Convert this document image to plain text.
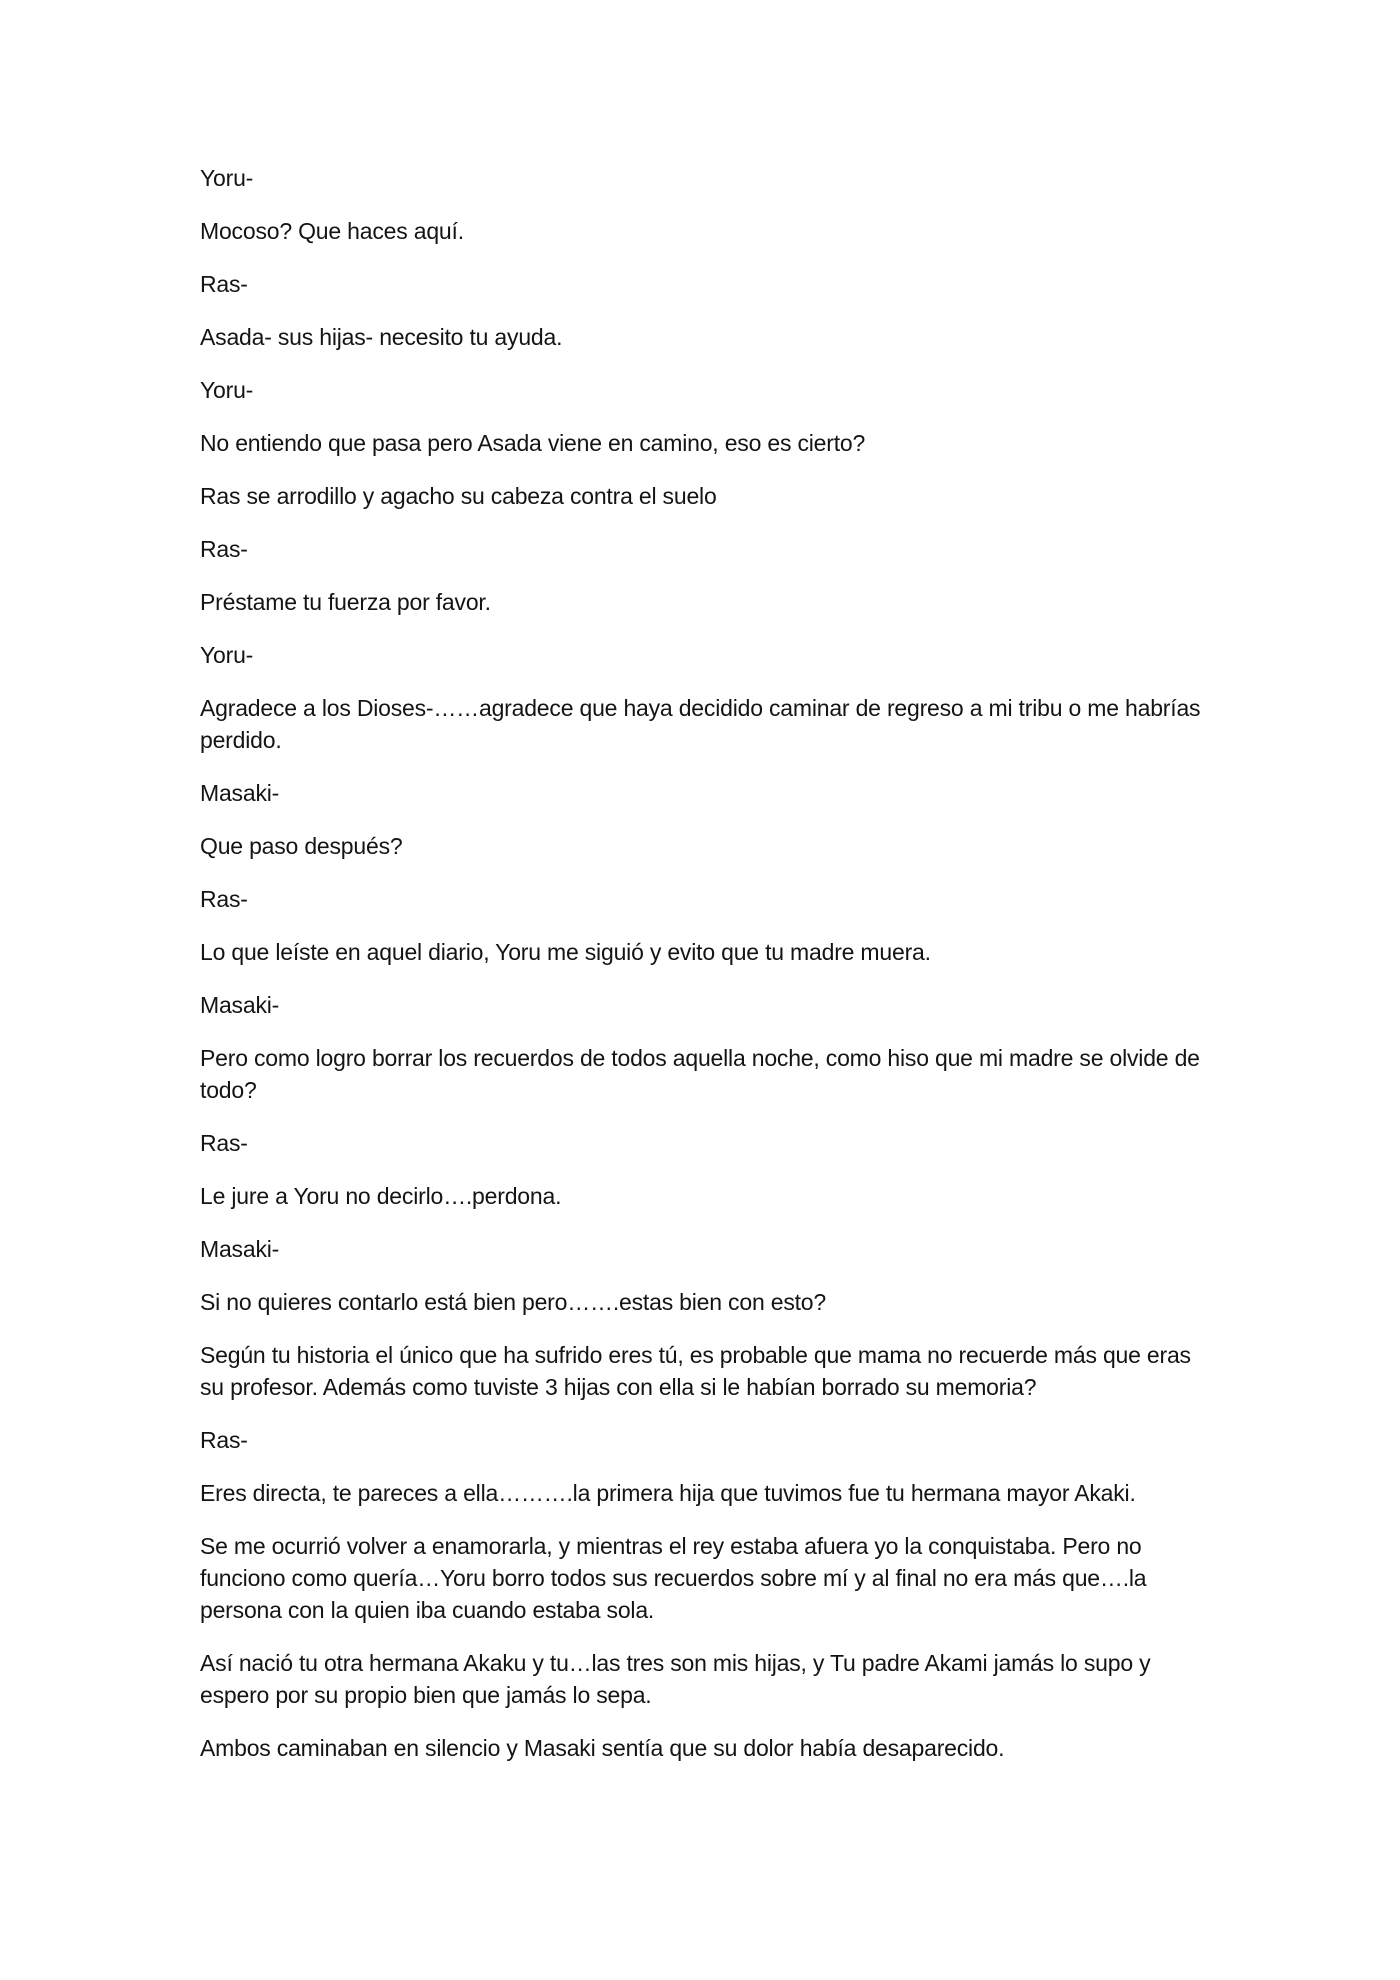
Yoru-

Mocoso? Que haces aquí.

Ras-

Asada- sus hijas- necesito tu ayuda.

Yoru-

No entiendo que pasa pero Asada viene en camino, eso es cierto?

Ras se arrodillo y agacho su cabeza contra el suelo

Ras-

Préstame tu fuerza por favor.

Yoru-

Agradece a los Dioses-……agradece que haya decidido caminar de regreso a mi tribu o me habrías perdido.

Masaki-

Que paso después?

Ras-

Lo que leíste en aquel diario, Yoru me siguió y evito que tu madre muera.

Masaki-

Pero como logro borrar los recuerdos de todos aquella noche, como hiso que mi madre se olvide de todo?

Ras-

Le jure a Yoru no decirlo….perdona.

Masaki-

Si no quieres contarlo está bien pero…….estas bien con esto?

Según tu historia el único que ha sufrido eres tú, es probable que mama no recuerde más que eras su profesor. Además como tuviste 3 hijas con ella si le habían borrado su memoria?

Ras-

Eres directa, te pareces a ella……….la primera hija que tuvimos fue tu hermana mayor Akaki.

Se me ocurrió volver a enamorarla, y mientras el rey estaba afuera yo la conquistaba. Pero no funciono como quería…Yoru borro todos sus recuerdos sobre mí y al final no era más que….la persona con la quien iba cuando estaba sola.

Así nació tu otra hermana Akaku y tu…las tres son mis hijas, y Tu padre Akami jamás lo supo y espero por su propio bien que jamás lo sepa.

Ambos caminaban en silencio y Masaki sentía que su dolor había desaparecido.
